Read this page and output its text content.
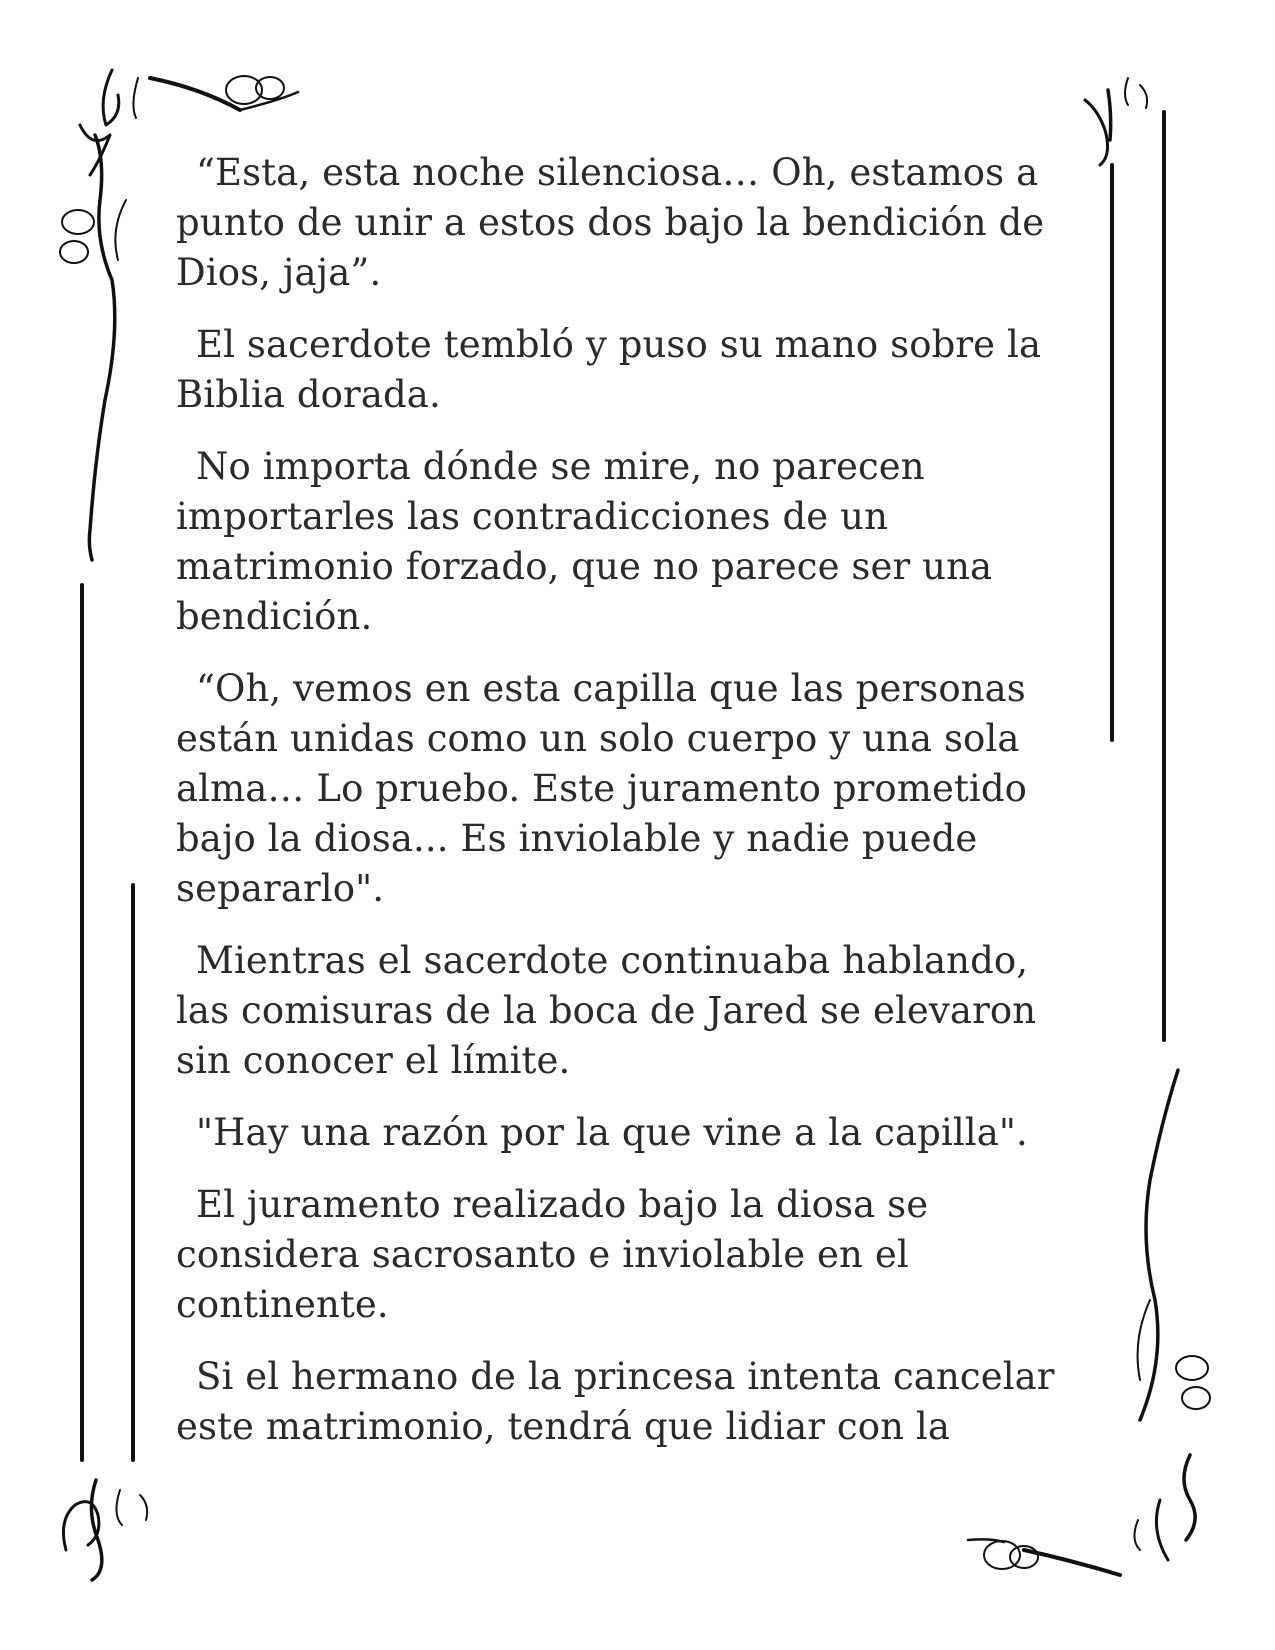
“Esta, esta noche silenciosa… Oh, estamos a punto de unir a estos dos bajo la bendición de Dios, jaja”.

El sacerdote tembló y puso su mano sobre la Biblia dorada.

No importa dónde se mire, no parecen importarles las contradicciones de un matrimonio forzado, que no parece ser una bendición.

“Oh, vemos en esta capilla que las personas están unidas como un solo cuerpo y una sola alma… Lo pruebo. Este juramento prometido bajo la diosa... Es inviolable y nadie puede separarlo".

Mientras el sacerdote continuaba hablando, las comisuras de la boca de Jared se elevaron sin conocer el límite.

"Hay una razón por la que vine a la capilla".

El juramento realizado bajo la diosa se considera sacrosanto e inviolable en el continente.

Si el hermano de la princesa intenta cancelar este matrimonio, tendrá que lidiar con la
